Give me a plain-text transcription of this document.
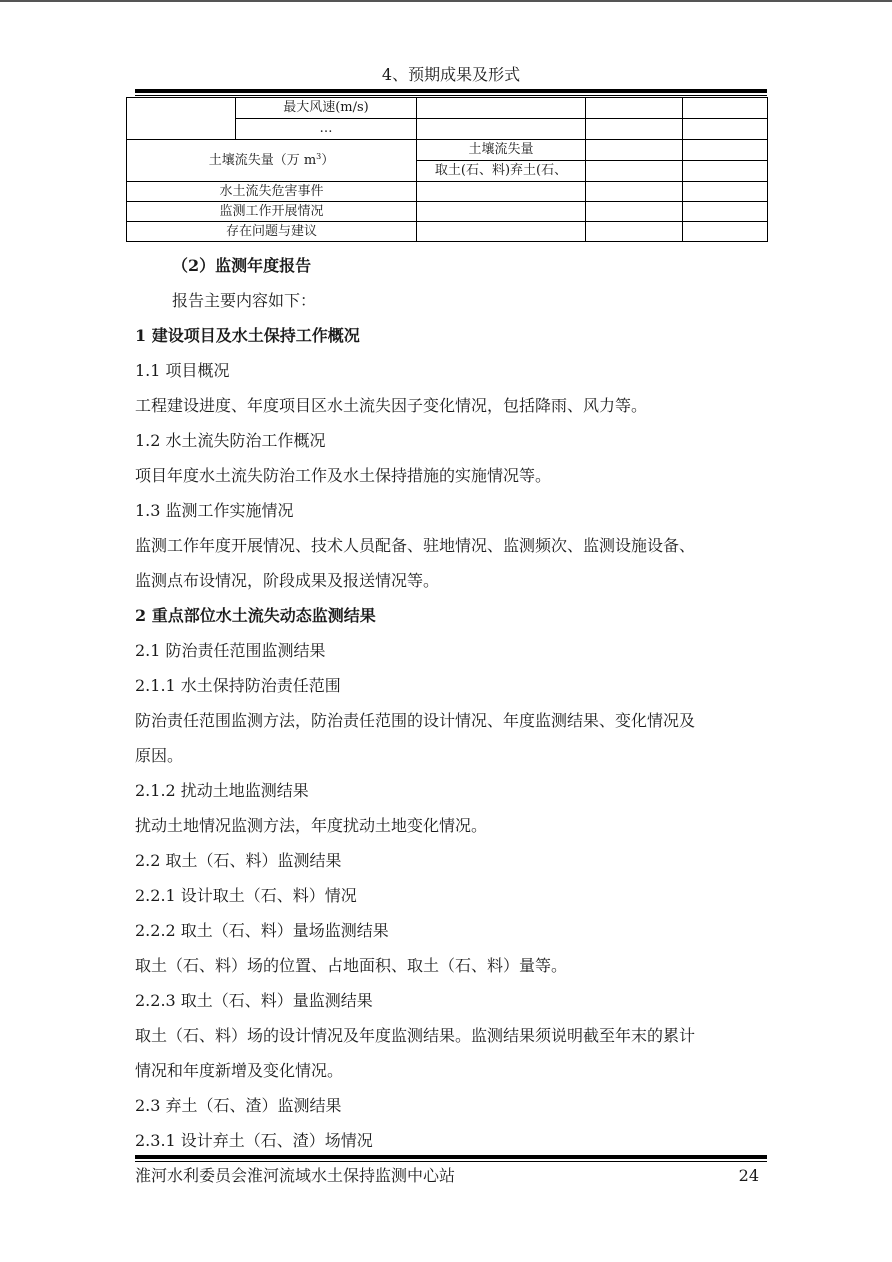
4、预期成果及形式
	最大风速(m/s)			
	…			
土壤流失量（万 $m^3$）		土壤流失量		
		取土(石、料)弃土(石、		
水土流失危害事件				
监测工作开展情况				
存在问题与建议				
（2）监测年度报告
报告主要内容如下：
1 建设项目及水土保持工作概况
1.1 项目概况
工程建设进度、年度项目区水土流失因子变化情况，包括降雨、风力等。
1.2 水土流失防治工作概况
项目年度水土流失防治工作及水土保持措施的实施情况等。
1.3 监测工作实施情况
监测工作年度开展情况、技术人员配备、驻地情况、监测频次、监测设施设备、
监测点布设情况，阶段成果及报送情况等。
2 重点部位水土流失动态监测结果
2.1 防治责任范围监测结果
2.1.1 水土保持防治责任范围
防治责任范围监测方法，防治责任范围的设计情况、年度监测结果、变化情况及
原因。
2.1.2 扰动土地监测结果
扰动土地情况监测方法，年度扰动土地变化情况。
2.2 取土（石、料）监测结果
2.2.1 设计取土（石、料）情况
2.2.2 取土（石、料）量场监测结果
取土（石、料）场的位置、占地面积、取土（石、料）量等。
2.2.3 取土（石、料）量监测结果
取土（石、料）场的设计情况及年度监测结果。监测结果须说明截至年末的累计
情况和年度新增及变化情况。
2.3 弃土（石、渣）监测结果
2.3.1 设计弃土（石、渣）场情况
淮河水利委员会淮河流域水土保持监测中心站	24
